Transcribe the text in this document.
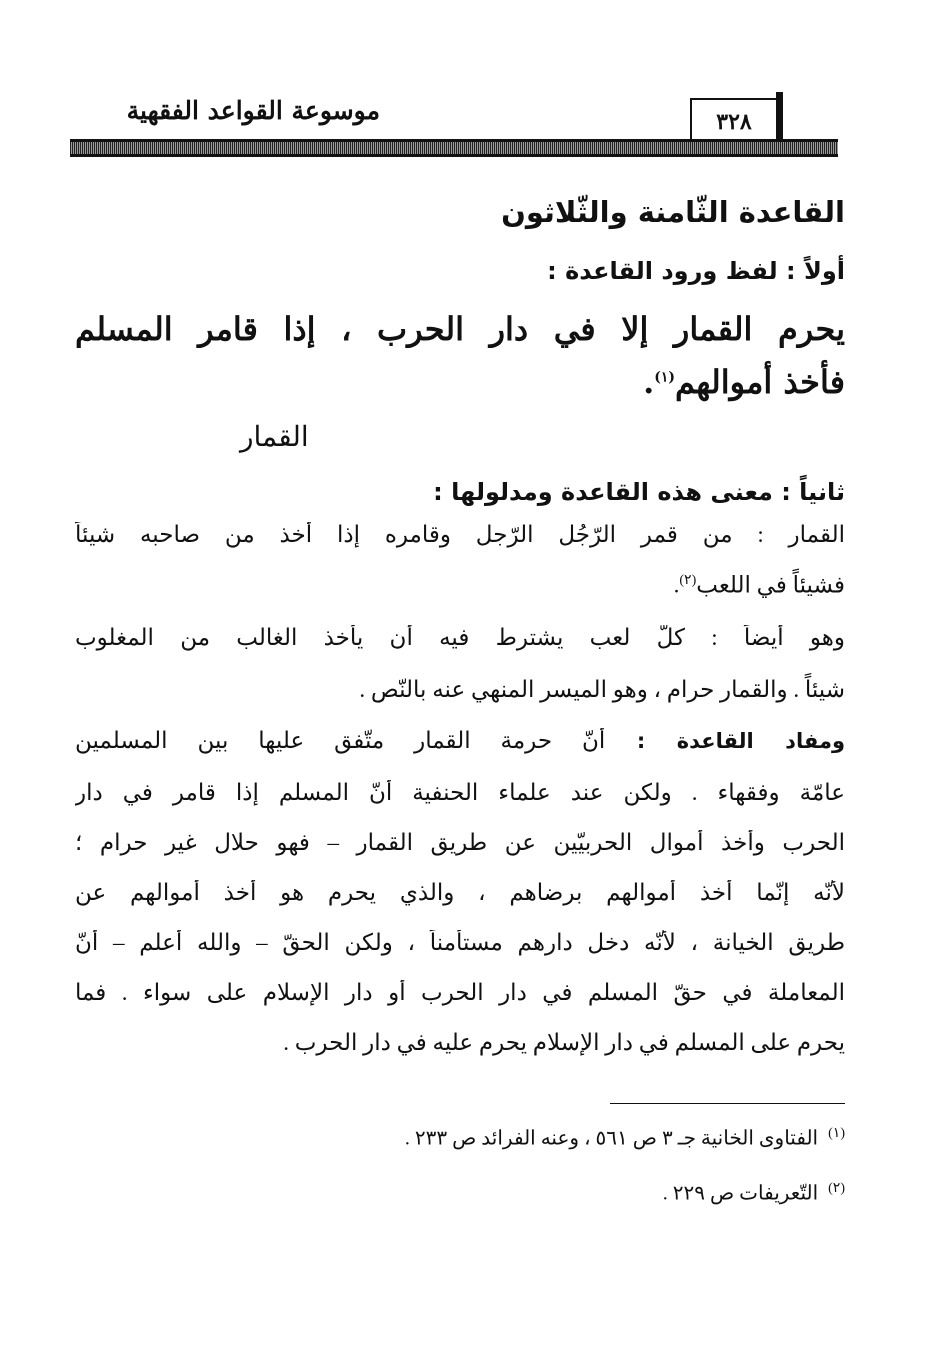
موسوعة القواعد الفقهية	٣٢٨
القاعدة الثّامنة والثّلاثون
أولاً : لفظ ورود القاعدة :
يحرم القمار إلا في دار الحرب ، إذا قامر المسلم
فأخذ أموالهم$^{(١)}$.
القمار
ثانياً : معنى هذه القاعدة ومدلولها :
القمار : من قمر الرّجُل الرّجل وقامره إذا أخذ من صاحبه شيئاً
فشيئاً في اللعب$^{(٢)}$.
وهو أيضاً : كلّ لعب يشترط فيه أن يأخذ الغالب من المغلوب
شيئاً . والقمار حرام ، وهو الميسر المنهي عنه بالنّص .
ومفاد القاعدة : أنّ حرمة القمار متّفق عليها بين المسلمين
عامّة وفقهاء . ولكن عند علماء الحنفية أنّ المسلم إذا قامر في دار
الحرب وأخذ أموال الحربيّين عن طريق القمار – فهو حلال غير حرام ؛
لأنّه إنّما أخذ أموالهم برضاهم ، والذي يحرم هو أخذ أموالهم عن
طريق الخيانة ، لأنّه دخل دارهم مستأمناً ، ولكن الحقّ – والله أعلم – أنّ
المعاملة في حقّ المسلم في دار الحرب أو دار الإسلام على سواء . فما
يحرم على المسلم في دار الإسلام يحرم عليه في دار الحرب .
$^{(١)}$الفتاوى الخانية جـ ٣ ص ٥٦١ ، وعنه الفرائد ص ٢٣٣ .
$^{(٢)}$التّعريفات ص ٢٢٩ .
